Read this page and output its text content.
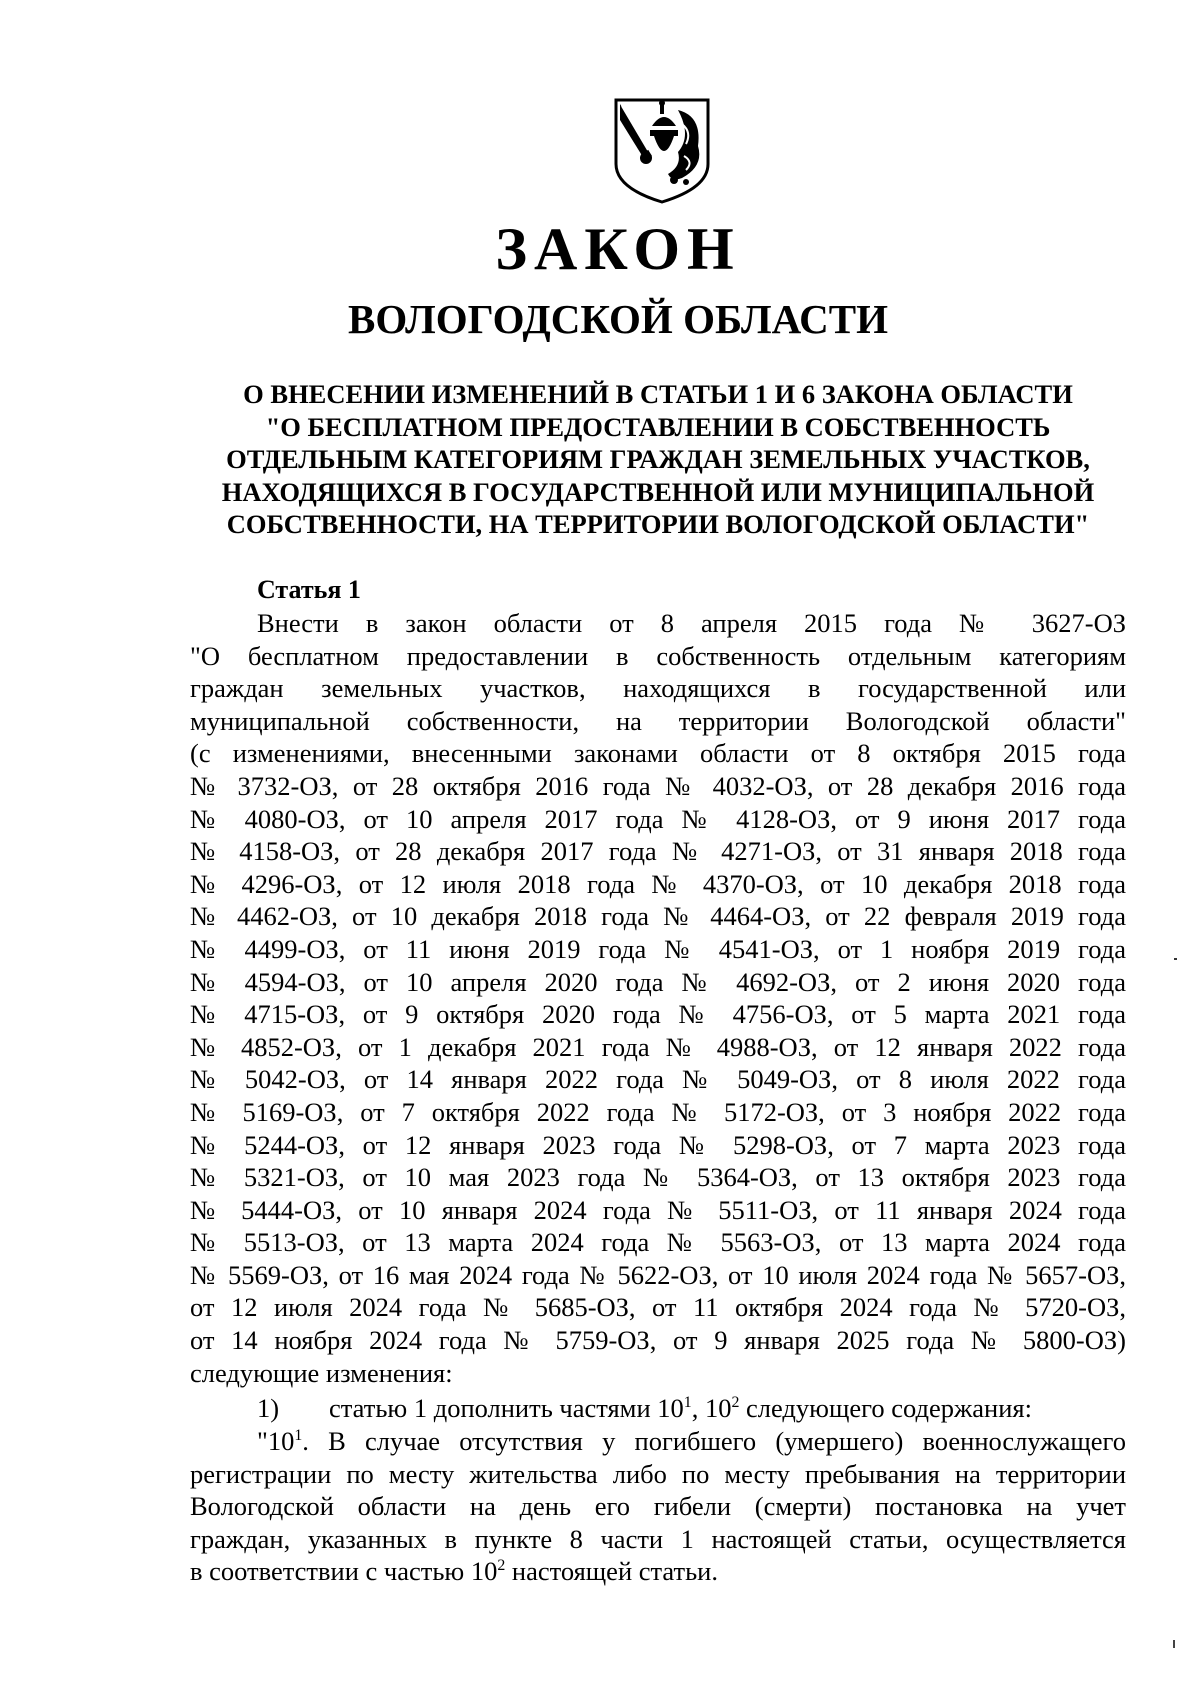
ЗАКОН
ВОЛОГОДСКОЙ ОБЛАСТИ
О ВНЕСЕНИИ ИЗМЕНЕНИЙ В СТАТЬИ 1 И 6 ЗАКОНА ОБЛАСТИ
"О БЕСПЛАТНОМ ПРЕДОСТАВЛЕНИИ В СОБСТВЕННОСТЬ
ОТДЕЛЬНЫМ КАТЕГОРИЯМ ГРАЖДАН ЗЕМЕЛЬНЫХ УЧАСТКОВ,
НАХОДЯЩИХСЯ В ГОСУДАРСТВЕННОЙ ИЛИ МУНИЦИПАЛЬНОЙ
СОБСТВЕННОСТИ, НА ТЕРРИТОРИИ ВОЛОГОДСКОЙ ОБЛАСТИ"
Статья 1
Внести в закон области от 8 апреля 2015 года № 3627-ОЗ
"О бесплатном предоставлении в собственность отдельным категориям
граждан земельных участков, находящихся в государственной или
муниципальной собственности, на территории Вологодской области"
(с изменениями, внесенными законами области от 8 октября 2015 года
№ 3732-ОЗ, от 28 октября 2016 года № 4032-ОЗ, от 28 декабря 2016 года
№ 4080-ОЗ, от 10 апреля 2017 года № 4128-ОЗ, от 9 июня 2017 года
№ 4158-ОЗ, от 28 декабря 2017 года № 4271-ОЗ, от 31 января 2018 года
№ 4296-ОЗ, от 12 июля 2018 года № 4370-ОЗ, от 10 декабря 2018 года
№ 4462-ОЗ, от 10 декабря 2018 года № 4464-ОЗ, от 22 февраля 2019 года
№ 4499-ОЗ, от 11 июня 2019 года № 4541-ОЗ, от 1 ноября 2019 года
№ 4594-ОЗ, от 10 апреля 2020 года № 4692-ОЗ, от 2 июня 2020 года
№ 4715-ОЗ, от 9 октября 2020 года № 4756-ОЗ, от 5 марта 2021 года
№ 4852-ОЗ, от 1 декабря 2021 года № 4988-ОЗ, от 12 января 2022 года
№ 5042-ОЗ, от 14 января 2022 года № 5049-ОЗ, от 8 июля 2022 года
№ 5169-ОЗ, от 7 октября 2022 года № 5172-ОЗ, от 3 ноября 2022 года
№ 5244-ОЗ, от 12 января 2023 года № 5298-ОЗ, от 7 марта 2023 года
№ 5321-ОЗ, от 10 мая 2023 года № 5364-ОЗ, от 13 октября 2023 года
№ 5444-ОЗ, от 10 января 2024 года № 5511-ОЗ, от 11 января 2024 года
№ 5513-ОЗ, от 13 марта 2024 года № 5563-ОЗ, от 13 марта 2024 года
№ 5569-ОЗ, от 16 мая 2024 года № 5622-ОЗ, от 10 июля 2024 года № 5657-ОЗ,
от 12 июля 2024 года № 5685-ОЗ, от 11 октября 2024 года № 5720-ОЗ,
от 14 ноября 2024 года № 5759-ОЗ, от 9 января 2025 года № 5800-ОЗ)
следующие изменения:
1) статью 1 дополнить частями $10^1$, $10^2$ следующего содержания:
"$10^1$. В случае отсутствия у погибшего (умершего) военнослужащего
регистрации по месту жительства либо по месту пребывания на территории
Вологодской области на день его гибели (смерти) постановка на учет
граждан, указанных в пункте 8 части 1 настоящей статьи, осуществляется
в соответствии с частью $10^2$ настоящей статьи.
